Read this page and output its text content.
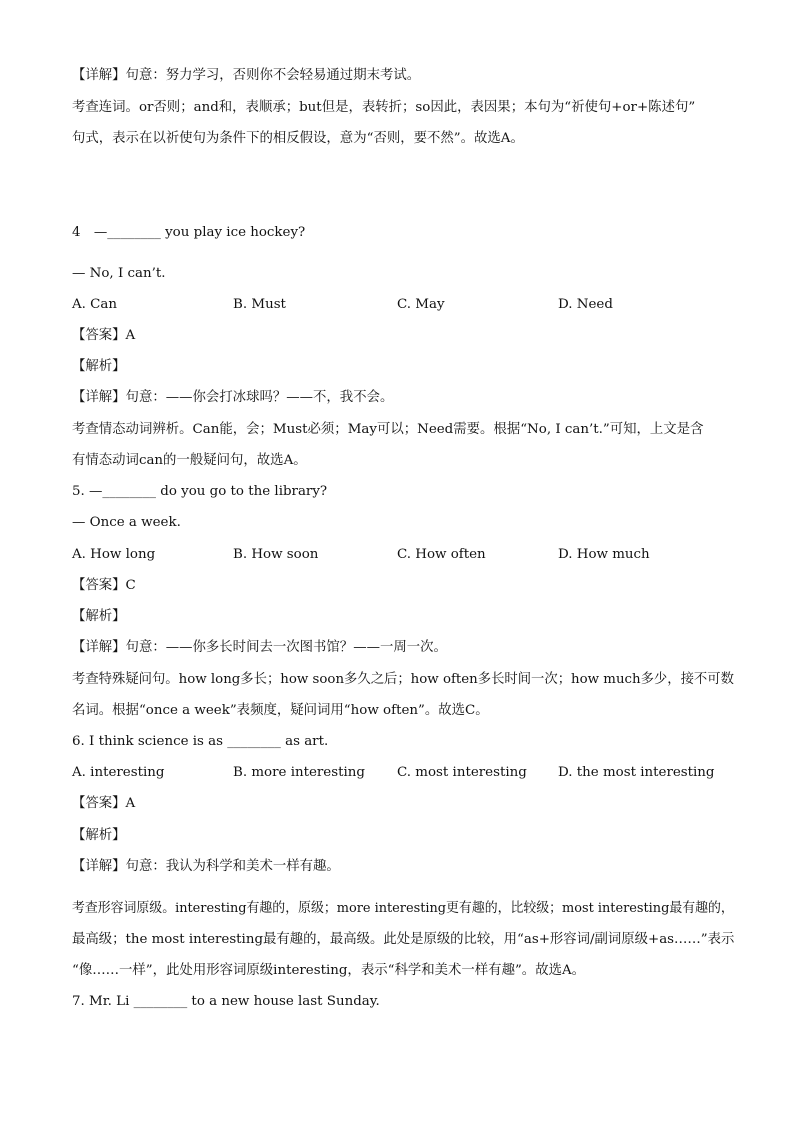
【详解】句意：努力学习，否则你不会轻易通过期末考试。
考查连词。or否则；and和，表顺承；but但是，表转折；so因此，表因果；本句为“祈使句+or+陈述句”
句式，表示在以祈使句为条件下的相反假设，意为“否则，要不然”。故选A。
4　—________ you play ice hockey?
— No, I can’t.
A. Can	B. Must	C. May	D. Need
【答案】A
【解析】
【详解】句意：——你会打冰球吗？——不，我不会。
考查情态动词辨析。Can能，会；Must必须；May可以；Need需要。根据“No, I can’t.”可知，上文是含
有情态动词can的一般疑问句，故选A。
5. —________ do you go to the library?
— Once a week.
A. How long	B. How soon	C. How often	D. How much
【答案】C
【解析】
【详解】句意：——你多长时间去一次图书馆？——一周一次。
考查特殊疑问句。how long多长；how soon多久之后；how often多长时间一次；how much多少，接不可数
名词。根据“once a week”表频度，疑问词用“how often”。故选C。
6. I think science is as ________ as art.
A. interesting	B. more interesting C. most interesting D. the most interesting
【答案】A
【解析】
【详解】句意：我认为科学和美术一样有趣。
考查形容词原级。interesting有趣的，原级；more interesting更有趣的，比较级；most interesting最有趣的，
最高级；the most interesting最有趣的，最高级。此处是原级的比较，用“as+形容词/副词原级+as……”表示
“像……一样”，此处用形容词原级interesting，表示“科学和美术一样有趣”。故选A。
7. Mr. Li ________ to a new house last Sunday.
